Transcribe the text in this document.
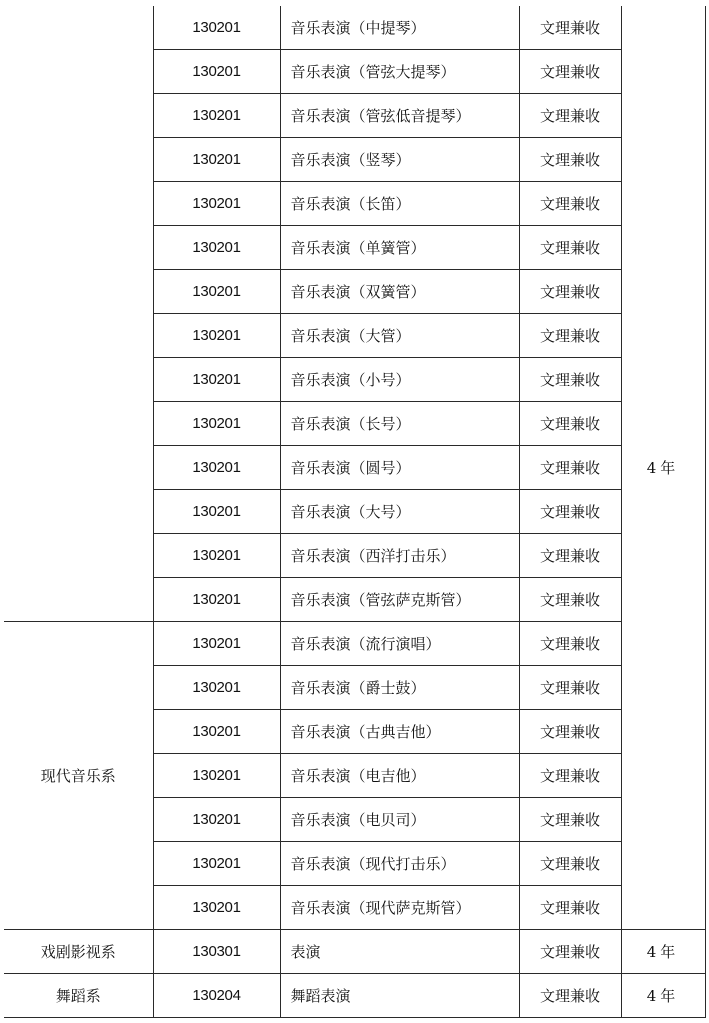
	130201	音乐表演（中提琴）	文理兼收	4年
	130201	音乐表演（管弦大提琴）	文理兼收	
	130201	音乐表演（管弦低音提琴）	文理兼收	
	130201	音乐表演（竖琴）	文理兼收	
	130201	音乐表演（长笛）	文理兼收	
	130201	音乐表演（单簧管）	文理兼收	
	130201	音乐表演（双簧管）	文理兼收	
	130201	音乐表演（大管）	文理兼收	
	130201	音乐表演（小号）	文理兼收	
	130201	音乐表演（长号）	文理兼收	
	130201	音乐表演（圆号）	文理兼收	
	130201	音乐表演（大号）	文理兼收	
	130201	音乐表演（西洋打击乐）	文理兼收	
	130201	音乐表演（管弦萨克斯管）	文理兼收	
现代音乐系	130201	音乐表演（流行演唱）	文理兼收	
	130201	音乐表演（爵士鼓）	文理兼收	
	130201	音乐表演（古典吉他）	文理兼收	
	130201	音乐表演（电吉他）	文理兼收	
	130201	音乐表演（电贝司）	文理兼收	
	130201	音乐表演（现代打击乐）	文理兼收	
	130201	音乐表演（现代萨克斯管）	文理兼收	
戏剧影视系	130301	表演	文理兼收	4年
舞蹈系	130204	舞蹈表演	文理兼收	4年
